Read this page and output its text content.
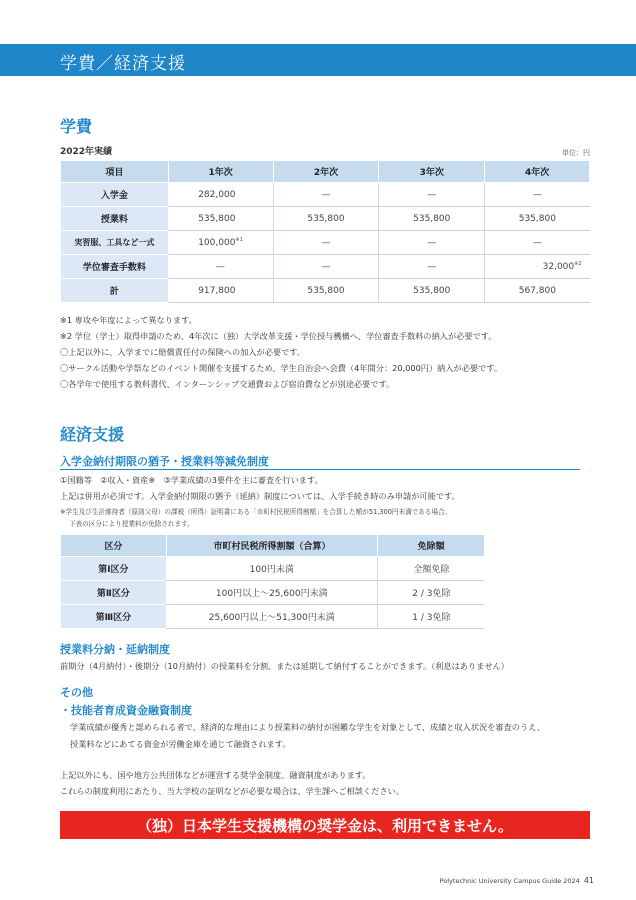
学費／経済支援
学費
2022年実績	単位：円
項目	1年次	2年次	3年次	4年次
入学金	282,000	—	—	—
授業料	535,800	535,800	535,800	535,800
実習服、工具など一式	100,000$^{※1}$	—	—	—
学位審査手数料	—	—	—	32,000$^{※2}$
計	917,800	535,800	535,800	567,800
※1 専攻や年度によって異なります。
※2 学位（学士）取得申請のため、4年次に（独）大学改革支援・学位授与機構へ、学位審査手数料の納入が必要です。
〇上記以外に、入学までに賠償責任付の保険への加入が必要です。
〇サークル活動や学祭などのイベント開催を支援するため、学生自治会へ会費（4年間分：20,000円）納入が必要です。
〇各学年で使用する教科書代、インターンシップ交通費および宿泊費などが別途必要です。
経済支援
入学金納付期限の猶予・授業料等減免制度
①国籍等　②収入・資産※　③学業成績の3要件を主に審査を行います。
上記は併用が必須です。入学金納付期限の猶予（延納）制度については、入学手続き時のみ申請が可能です。
※学生及び生計維持者（原則父母）の課税（所得）証明書にある「市町村民税所得割額」を合算した額が51,300円未満である場合、
下表の区分により授業料が免除されます。
区分	市町村民税所得割額（合算）	免除額
第Ⅰ区分	100円未満	全額免除
第Ⅱ区分	100円以上～25,600円未満	2 / 3免除
第Ⅲ区分	25,600円以上～51,300円未満	1 / 3免除
授業料分納・延納制度
前期分（4月納付）・後期分（10月納付）の授業料を分割、または延期して納付することができます。（利息はありません）
その他
・技能者育成資金融資制度
学業成績が優秀と認められる者で、経済的な理由により授業料の納付が困難な学生を対象として、成績と収入状況を審査のうえ、
授業料などにあてる資金が労働金庫を通じて融資されます。
上記以外にも、国や地方公共団体などが運営する奨学金制度、融資制度があります。
これらの制度利用にあたり、当大学校の証明などが必要な場合は、学生課へご相談ください。
（独）日本学生支援機構の奨学金は、利用できません。
Polytechnic University Campus Guide 2024 41
